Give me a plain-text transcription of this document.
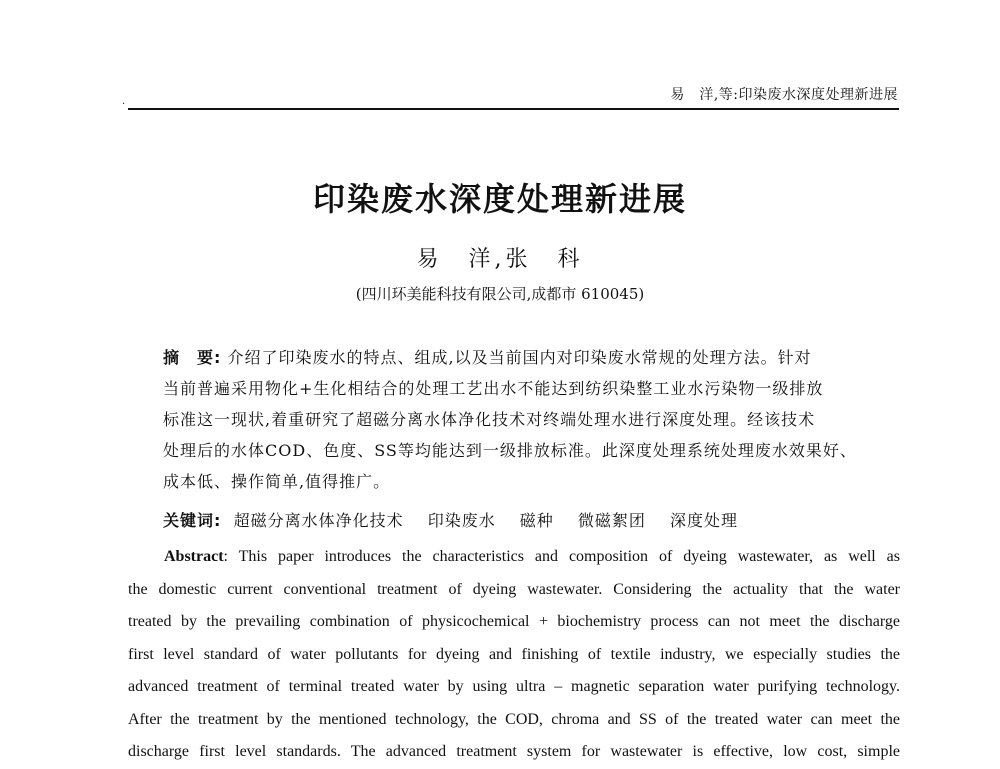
.	易　洋,等:印染废水深度处理新进展
印染废水深度处理新进展
易　洋,张　科
(四川环美能科技有限公司,成都市 610045)
摘　要: 介绍了印染废水的特点、组成,以及当前国内对印染废水常规的处理方法。针对
当前普遍采用物化+生化相结合的处理工艺出水不能达到纺织染整工业水污染物一级排放
标准这一现状,着重研究了超磁分离水体净化技术对终端处理水进行深度处理。经该技术
处理后的水体COD、色度、SS等均能达到一级排放标准。此深度处理系统处理废水效果好、
成本低、操作简单,值得推广。
关键词: 超磁分离水体净化技术 印染废水 磁种 微磁絮团 深度处理
Abstract: This paper introduces the characteristics and composition of dyeing wastewater, as well as
the domestic current conventional treatment of dyeing wastewater. Considering the actuality that the water
treated by the prevailing combination of physicochemical + biochemistry process can not meet the discharge
first level standard of water pollutants for dyeing and finishing of textile industry, we especially studies the
advanced treatment of terminal treated water by using ultra – magnetic separation water purifying technology.
After the treatment by the mentioned technology, the COD, chroma and SS of the treated water can meet the
discharge first level standards. The advanced treatment system for wastewater is effective, low cost, simple
